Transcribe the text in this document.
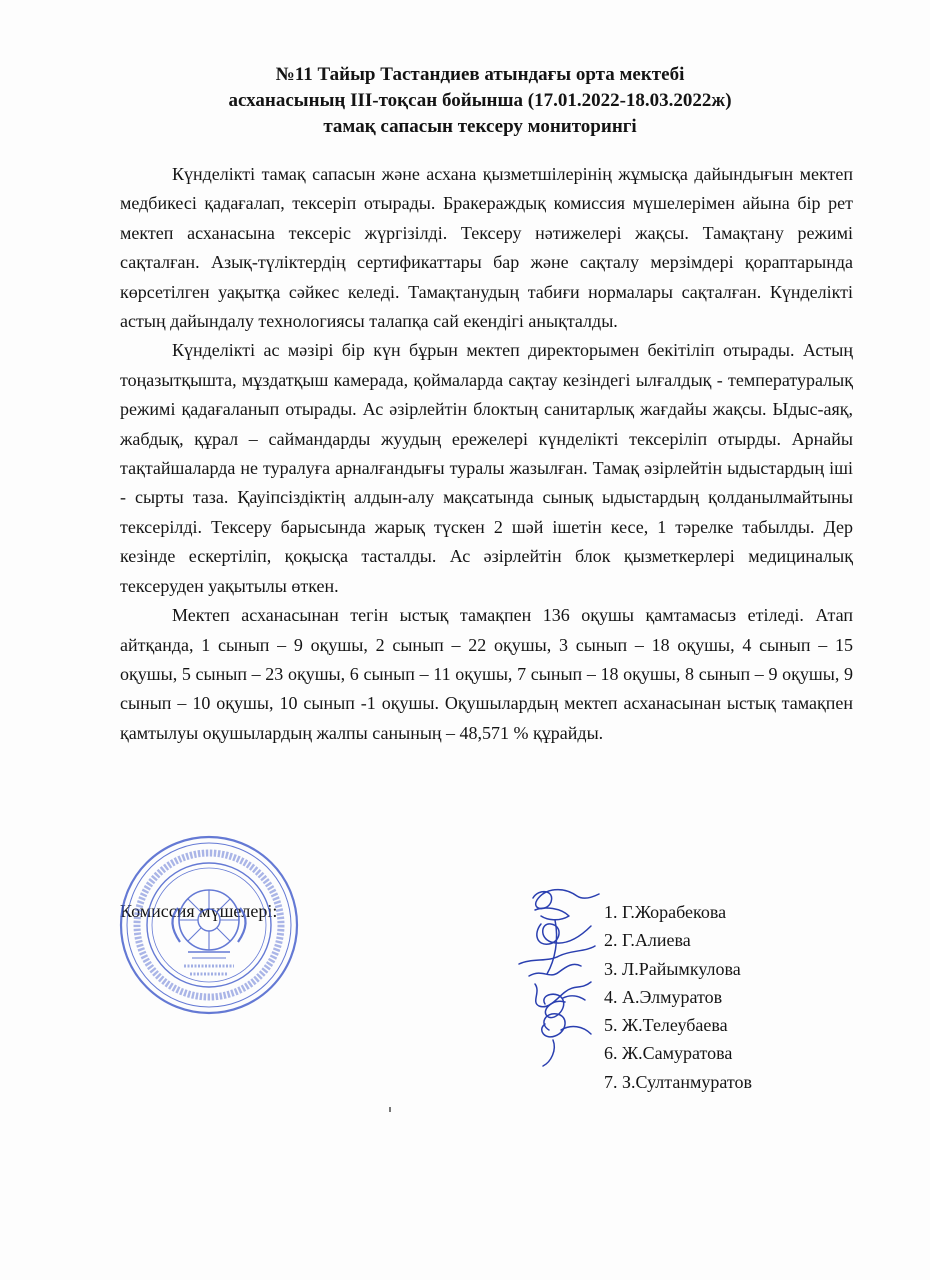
№11 Тайыр Тастандиев атындағы орта мектебі
асханасының ІІІ-тоқсан бойынша (17.01.2022-18.03.2022ж)
тамақ сапасын тексеру мониторингі

Күнделікті тамақ сапасын және асхана қызметшілерінің жұмысқа дайындығын мектеп медбикесі қадағалап, тексеріп отырады. Бракераждық комиссия мүшелерімен айына бір рет мектеп асханасына тексеріс жүргізілді. Тексеру нәтижелері жақсы. Тамақтану режимі сақталған. Азық-түліктердің сертификаттары бар және сақталу мерзімдері қораптарында көрсетілген уақытқа сәйкес келеді. Тамақтанудың табиғи нормалары сақталған. Күнделікті астың дайындалу технологиясы талапқа сай екендігі анықталды.

Күнделікті ас мәзірі бір күн бұрын мектеп директорымен бекітіліп отырады. Астың тоңазытқышта, мұздатқыш камерада, қоймаларда сақтау кезіндегі ылғалдық - температуралық режимі қадағаланып отырады. Ас әзірлейтін блоктың санитарлық жағдайы жақсы. Ыдыс-аяқ, жабдық, құрал – саймандарды жуудың ережелері күнделікті тексеріліп отырды. Арнайы тақтайшаларда не туралуға арналғандығы туралы жазылған. Тамақ әзірлейтін ыдыстардың іші - сырты таза. Қауіпсіздіктің алдын-алу мақсатында сынық ыдыстардың қолданылмайтыны тексерілді. Тексеру барысында жарық түскен 2 шәй ішетін кесе, 1 тәрелке табылды. Дер кезінде ескертіліп, қоқысқа тасталды. Ас әзірлейтін блок қызметкерлері медициналық тексеруден уақытылы өткен.

Мектеп асханасынан тегін ыстық тамақпен 136 оқушы қамтамасыз етіледі. Атап айтқанда, 1 сынып – 9 оқушы, 2 сынып – 22 оқушы, 3 сынып – 18 оқушы, 4 сынып – 15 оқушы, 5 сынып – 23 оқушы, 6 сынып – 11 оқушы, 7 сынып – 18 оқушы, 8 сынып – 9 оқушы, 9 сынып – 10 оқушы, 10 сынып -1 оқушы. Оқушылардың мектеп асханасынан ыстық тамақпен қамтылуы оқушылардың жалпы санының – 48,571 % құрайды.

Комиссия мүшелері:	1. Г.Жорабекова
2. Г.Алиева
3. Л.Райымкулова
4. А.Элмуратов
5. Ж.Телеубаева
6. Ж.Самуратова
7. З.Султанмуратов
